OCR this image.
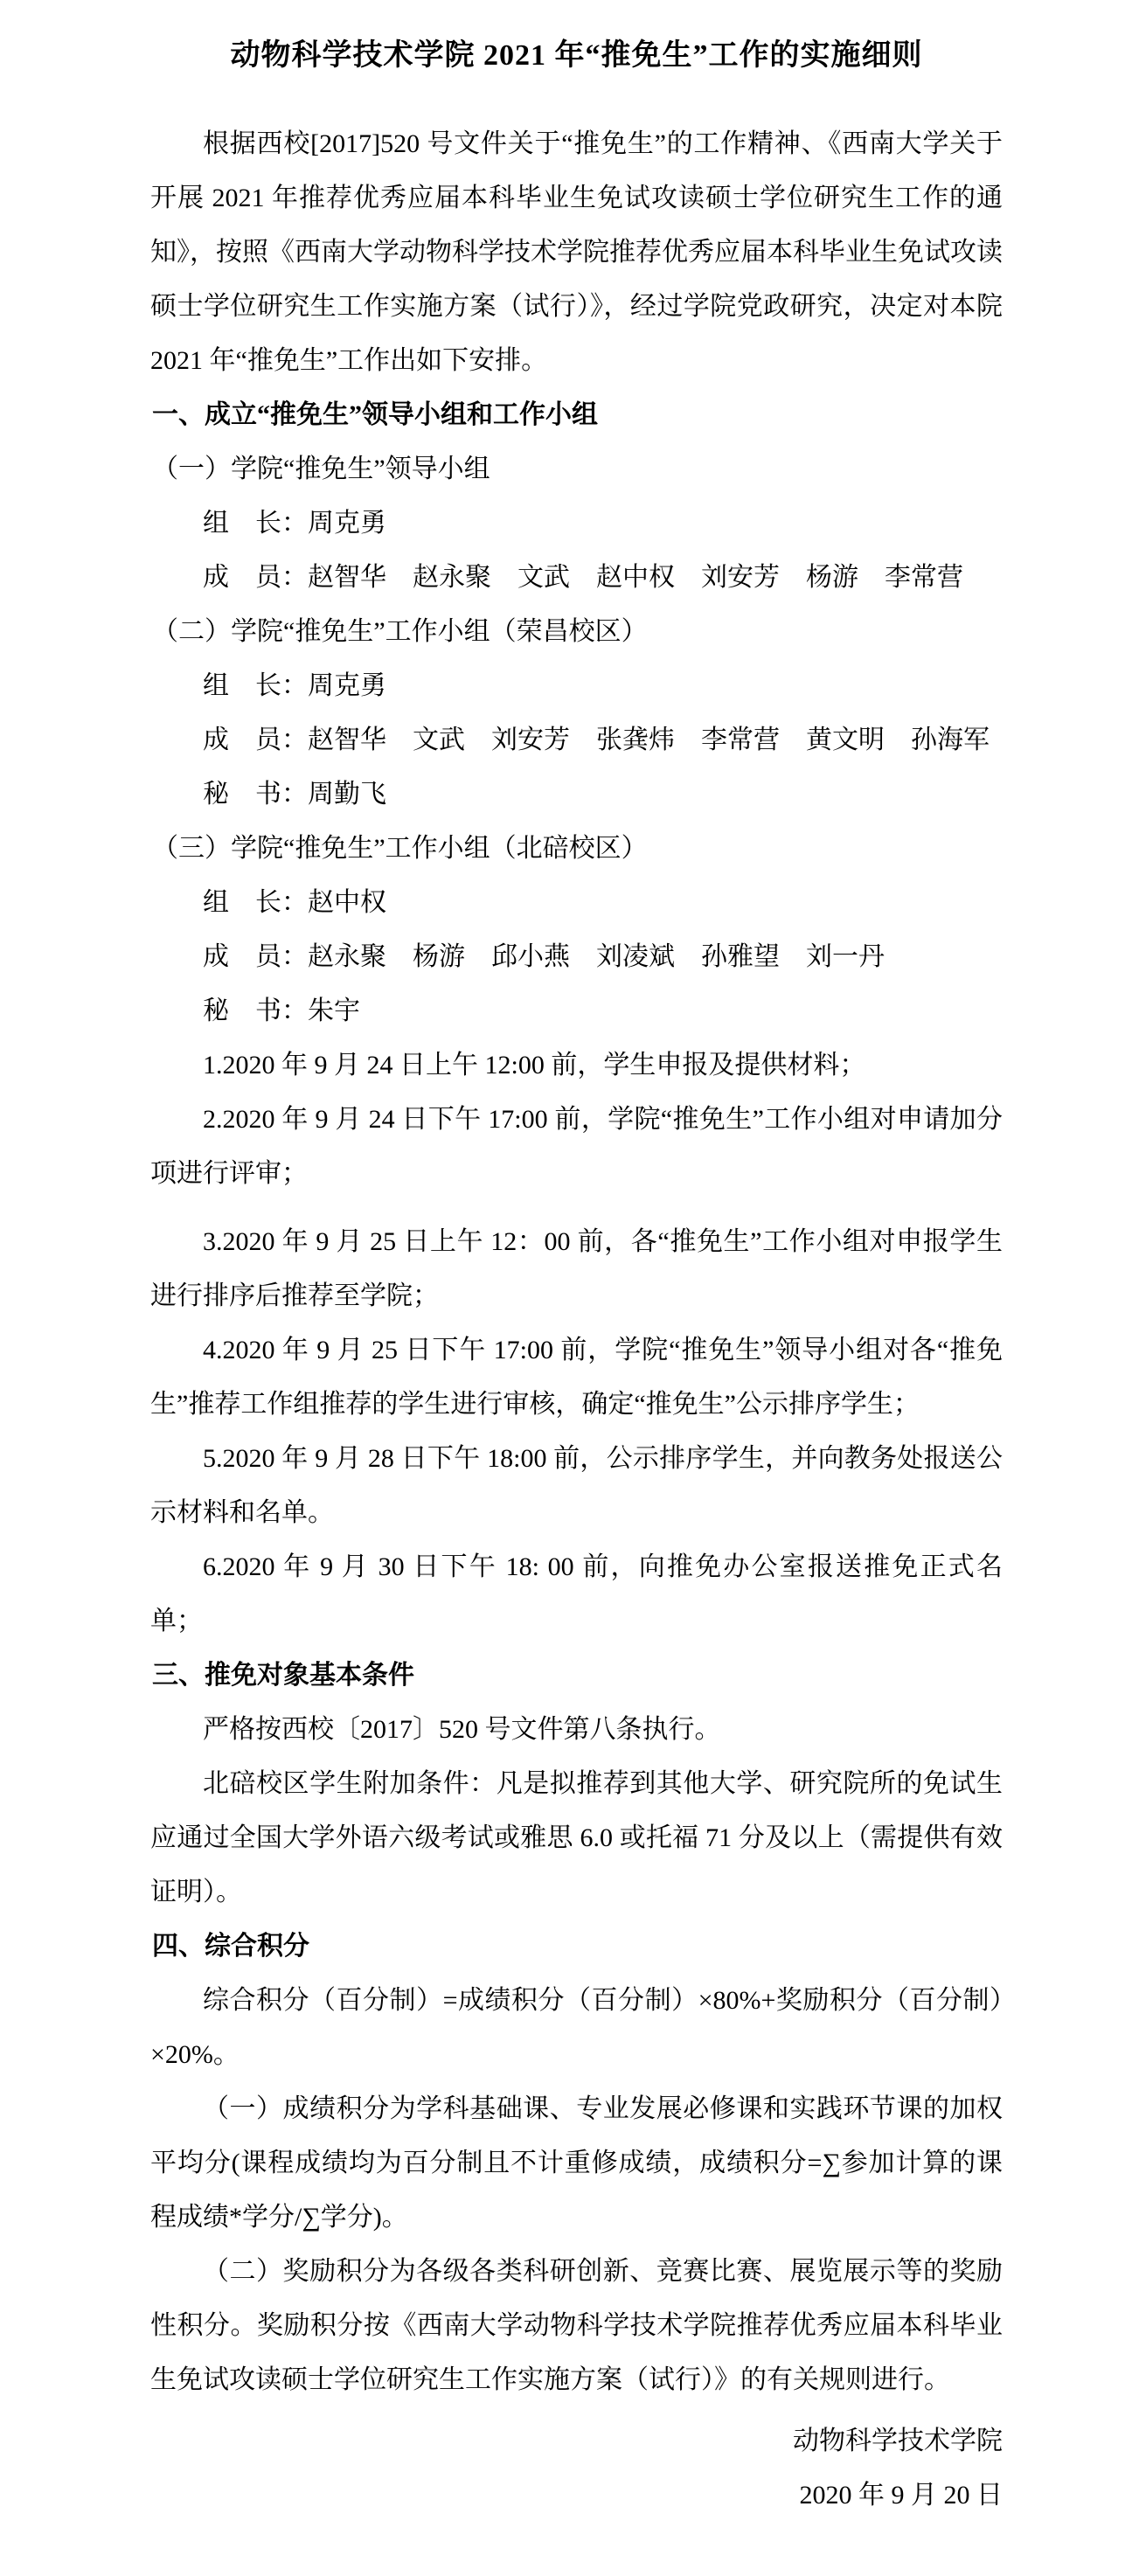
动物科学技术学院 2021 年“推免生”工作的实施细则
根据西校[2017]520 号文件关于“推免生”的工作精神、《西南大学关于开展 2021 年推荐优秀应届本科毕业生免试攻读硕士学位研究生工作的通知》，按照《西南大学动物科学技术学院推荐优秀应届本科毕业生免试攻读硕士学位研究生工作实施方案（试行）》，经过学院党政研究，决定对本院 2021 年“推免生”工作出如下安排。
一、成立“推免生”领导小组和工作小组
（一）学院“推免生”领导小组
组　长：周克勇
成　员：赵智华　赵永聚　文武　赵中权　刘安芳　杨游　李常营
（二）学院“推免生”工作小组（荣昌校区）
组　长：周克勇
成　员：赵智华　文武　刘安芳　张龚炜　李常营　黄文明　孙海军
秘　书：周勤飞
（三）学院“推免生”工作小组（北碚校区）
组　长：赵中权
成　员：赵永聚　杨游　邱小燕　刘凌斌　孙雅望　刘一丹
秘　书：朱宇
1.2020 年 9 月 24 日上午 12:00 前，学生申报及提供材料；
2.2020 年 9 月 24 日下午 17:00 前，学院“推免生”工作小组对申请加分项进行评审；
3.2020 年 9 月 25 日上午 12：00 前，各“推免生”工作小组对申报学生进行排序后推荐至学院；
4.2020 年 9 月 25 日下午 17:00 前，学院“推免生”领导小组对各“推免生”推荐工作组推荐的学生进行审核，确定“推免生”公示排序学生；
5.2020 年 9 月 28 日下午 18:00 前，公示排序学生，并向教务处报送公示材料和名单。
6.2020 年 9 月 30 日下午 18: 00 前，向推免办公室报送推免正式名单；
三、推免对象基本条件
严格按西校〔2017〕520 号文件第八条执行。
北碚校区学生附加条件：凡是拟推荐到其他大学、研究院所的免试生应通过全国大学外语六级考试或雅思 6.0 或托福 71 分及以上（需提供有效证明）。
四、综合积分
综合积分（百分制）=成绩积分（百分制）×80%+奖励积分（百分制）×20%。
（一）成绩积分为学科基础课、专业发展必修课和实践环节课的加权平均分(课程成绩均为百分制且不计重修成绩，成绩积分=∑参加计算的课程成绩*学分/∑学分)。
（二）奖励积分为各级各类科研创新、竞赛比赛、展览展示等的奖励性积分。奖励积分按《西南大学动物科学技术学院推荐优秀应届本科毕业生免试攻读硕士学位研究生工作实施方案（试行）》的有关规则进行。
动物科学技术学院
2020 年 9 月 20 日
